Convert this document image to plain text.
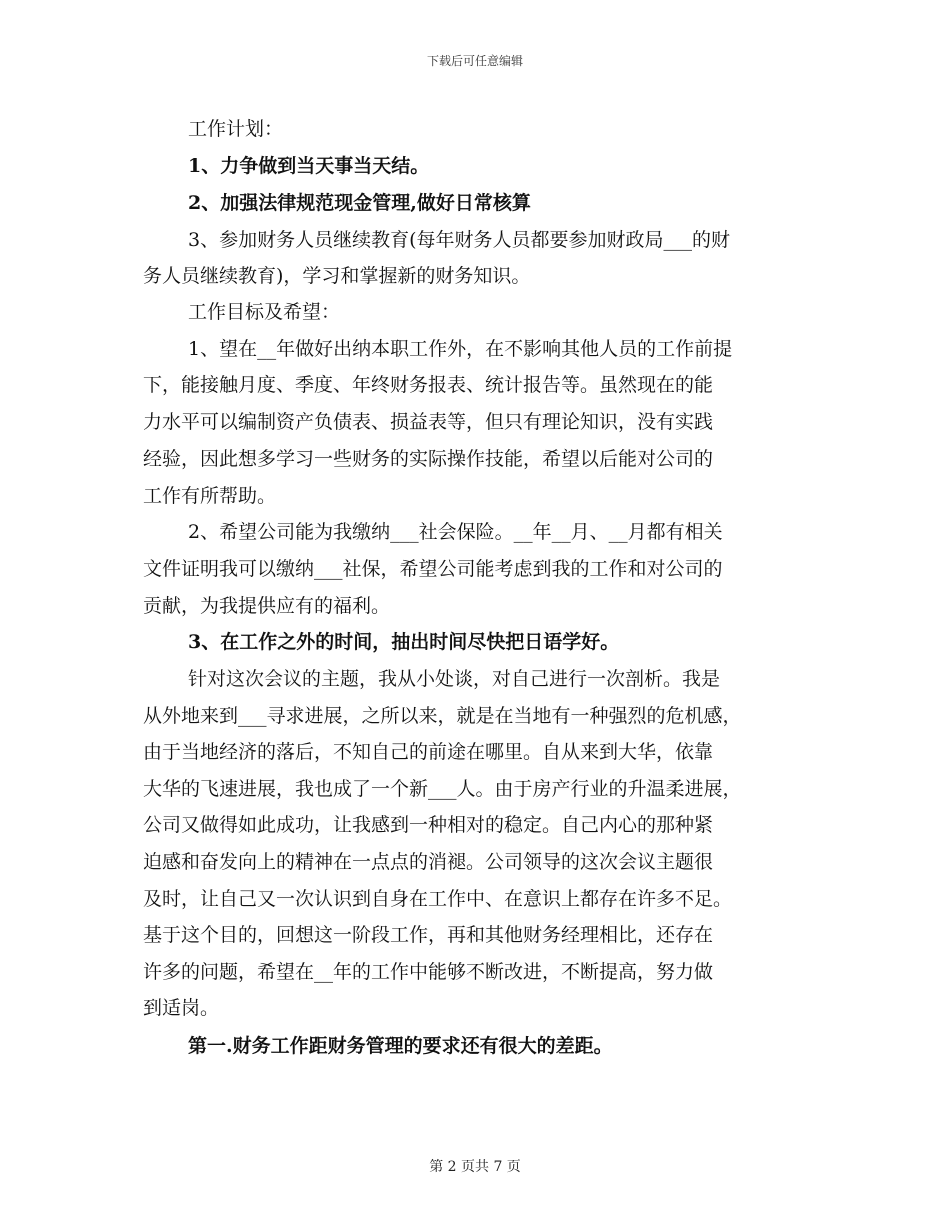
下载后可任意编辑
工作计划：
1、力争做到当天事当天结。
2、加强法律规范现金管理,做好日常核算
3、参加财务人员继续教育(每年财务人员都要参加财政局___的财
务人员继续教育)，学习和掌握新的财务知识。
工作目标及希望：
1、望在__年做好出纳本职工作外，在不影响其他人员的工作前提
下，能接触月度、季度、年终财务报表、统计报告等。虽然现在的能
力水平可以编制资产负债表、损益表等，但只有理论知识，没有实践
经验，因此想多学习一些财务的实际操作技能，希望以后能对公司的
工作有所帮助。
2、希望公司能为我缴纳___社会保险。__年__月、__月都有相关
文件证明我可以缴纳___社保，希望公司能考虑到我的工作和对公司的
贡献，为我提供应有的福利。
3、在工作之外的时间，抽出时间尽快把日语学好。
针对这次会议的主题，我从小处谈，对自己进行一次剖析。我是
从外地来到___寻求进展，之所以来，就是在当地有一种强烈的危机感，
由于当地经济的落后，不知自己的前途在哪里。自从来到大华，依靠
大华的飞速进展，我也成了一个新___人。由于房产行业的升温柔进展，
公司又做得如此成功，让我感到一种相对的稳定。自己内心的那种紧
迫感和奋发向上的精神在一点点的消褪。公司领导的这次会议主题很
及时，让自己又一次认识到自身在工作中、在意识上都存在许多不足。
基于这个目的，回想这一阶段工作，再和其他财务经理相比，还存在
许多的问题，希望在__年的工作中能够不断改进，不断提高，努力做
到适岗。
第一.财务工作距财务管理的要求还有很大的差距。
第 2 页共 7 页
